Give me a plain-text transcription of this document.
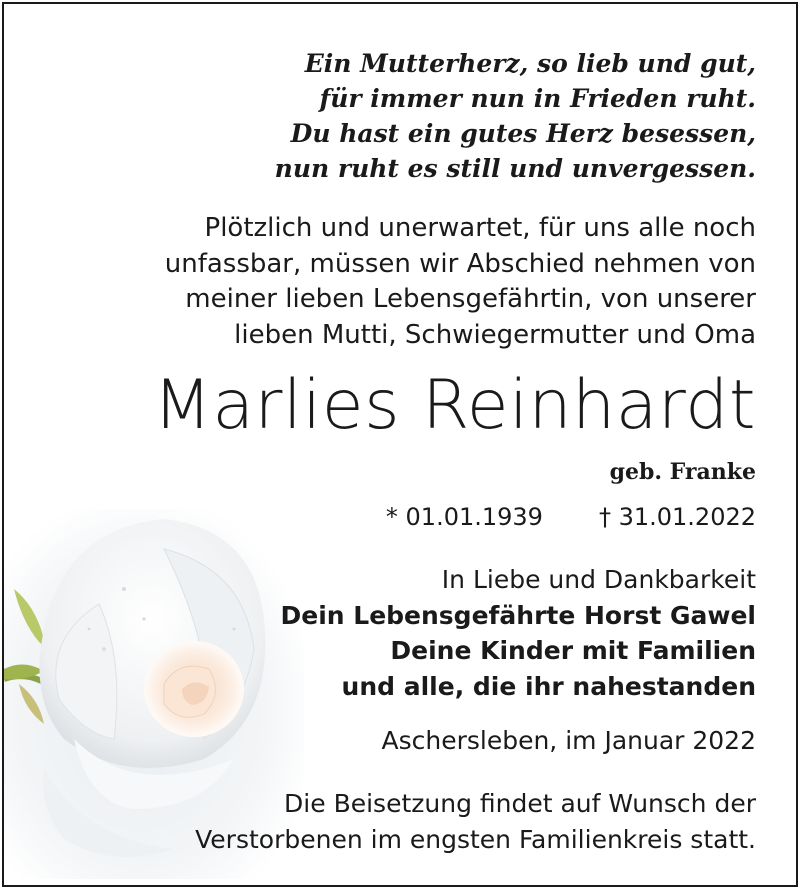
Ein Mutterherz, so lieb und gut,
für immer nun in Frieden ruht.
Du hast ein gutes Herz besessen,
nun ruht es still und unvergessen.
Plötzlich und unerwartet, für uns alle noch
unfassbar, müssen wir Abschied nehmen von
meiner lieben Lebensgefährtin, von unserer
lieben Mutti, Schwiegermutter und Oma
Marlies Reinhardt
geb. Franke
* 01.01.1939 † 31.01.2022
In Liebe und Dankbarkeit
Dein Lebensgefährte Horst Gawel
Deine Kinder mit Familien
und alle, die ihr nahestanden
Aschersleben, im Januar 2022
Die Beisetzung findet auf Wunsch der
Verstorbenen im engsten Familienkreis statt.
